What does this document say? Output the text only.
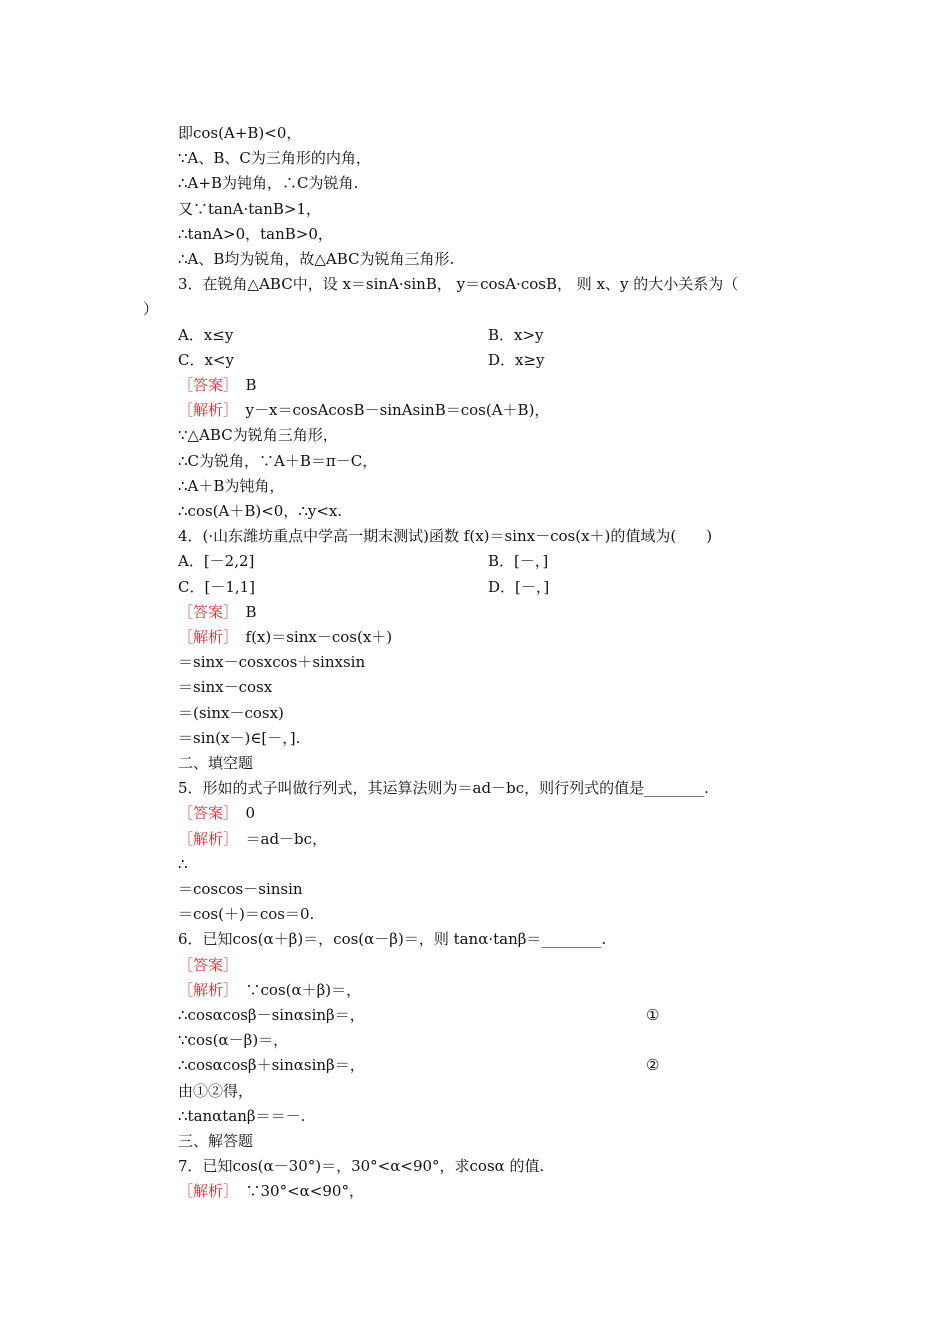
即cos(A+B)<0，
∵A、B、C为三角形的内角，
∴A+B为钝角，∴C为锐角.
又∵tanA·tanB>1，
∴tanA>0，tanB>0，
∴A、B均为锐角，故△ABC为锐角三角形.
3．在锐角△ABC中，设 x＝sinA·sinB， y＝cosA·cosB， 则 x、y 的大小关系为（
）
A．x≤y	B．x>y
C．x<y	D．x≥y
［答案］　B
［解析］　y－x＝cosAcosB－sinAsinB＝cos(A＋B)，
∵△ABC为锐角三角形，
∴C为锐角，∵A＋B＝π－C，
∴A＋B为钝角，
∴cos(A＋B)<0，∴y<x.
4．(·山东潍坊重点中学高一期末测试)函数 f(x)＝sinx－cos(x＋)的值域为(　　)
A．[－2,2]	B．[－，]
C．[－1,1]	D．[－，]
［答案］　B
［解析］　f(x)＝sinx－cos(x＋)
＝sinx－cosxcos＋sinxsin
＝sinx－cosx
＝(sinx－cosx)
＝sin(x－)∈[－，].
二、填空题
5．形如的式子叫做行列式，其运算法则为＝ad－bc，则行列式的值是________.
［答案］　0
［解析］　＝ad－bc，
∴
＝coscos－sinsin
＝cos(＋)＝cos＝0.
6．已知cos(α＋β)＝，cos(α－β)＝，则 tanα·tanβ＝________.
［答案］
［解析］　∵cos(α＋β)＝，
∴cosαcosβ－sinαsinβ＝，	①
∵cos(α－β)＝，
∴cosαcosβ＋sinαsinβ＝，	②
由①②得，
∴tanαtanβ＝＝－.
三、解答题
7．已知cos(α－30°)＝，30°<α<90°，求cosα 的值.
［解析］　∵30°<α<90°，
